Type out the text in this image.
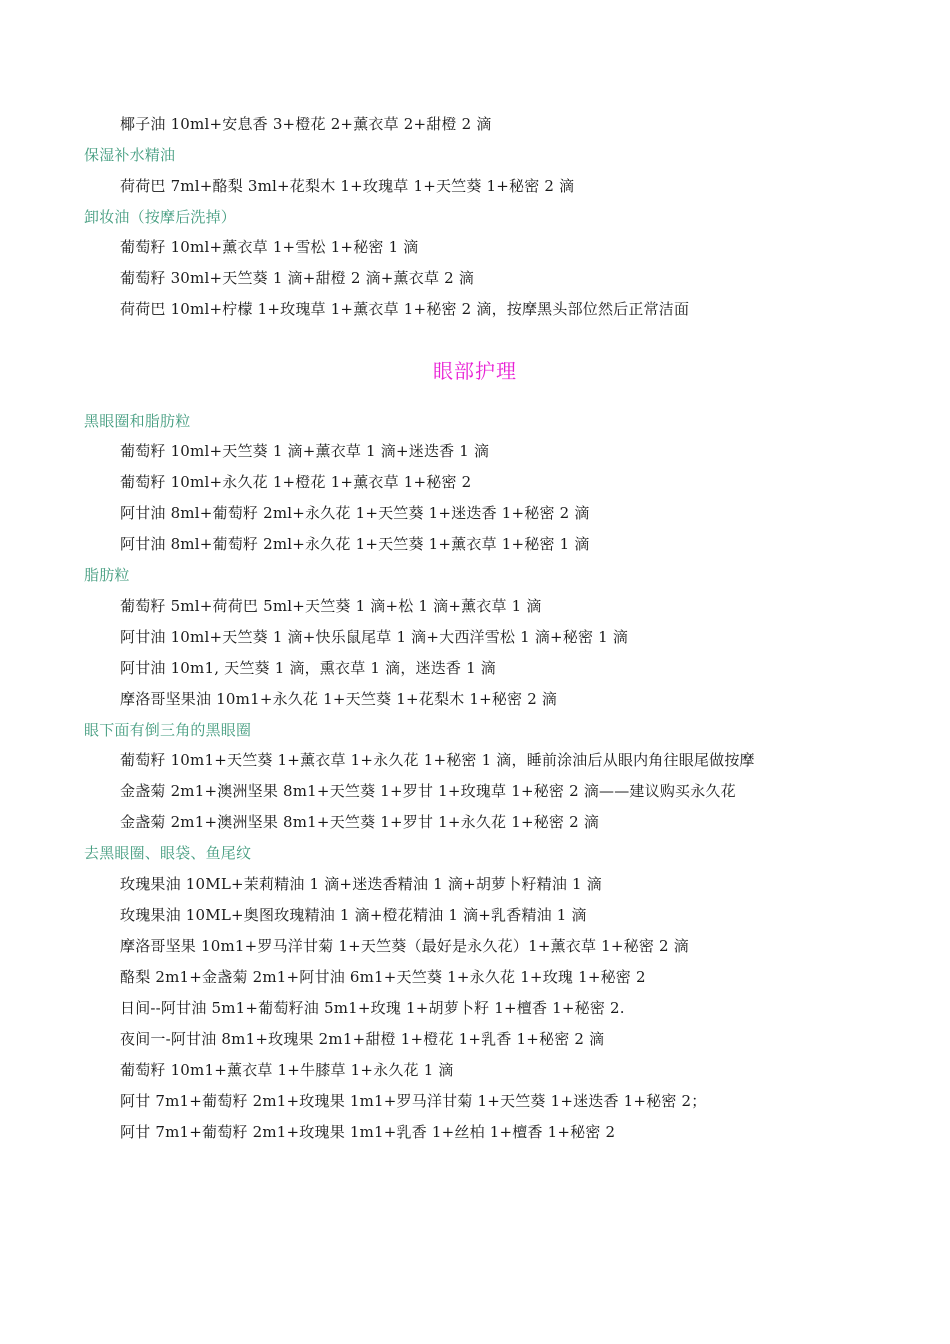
椰子油 10ml+安息香 3+橙花 2+薰衣草 2+甜橙 2 滴
保湿补水精油
荷荷巴 7ml+酪梨 3ml+花梨木 1+玫瑰草 1+天竺葵 1+秘密 2 滴
卸妆油（按摩后洗掉）
葡萄籽 10ml+薰衣草 1+雪松 1+秘密 1 滴
葡萄籽 30ml+天竺葵 1 滴+甜橙 2 滴+薰衣草 2 滴
荷荷巴 10ml+柠檬 1+玫瑰草 1+薰衣草 1+秘密 2 滴，按摩黑头部位然后正常洁面
眼部护理
黑眼圈和脂肪粒
葡萄籽 10ml+天竺葵 1 滴+薰衣草 1 滴+迷迭香 1 滴
葡萄籽 10ml+永久花 1+橙花 1+薰衣草 1+秘密 2
阿甘油 8ml+葡萄籽 2ml+永久花 1+天竺葵 1+迷迭香 1+秘密 2 滴
阿甘油 8ml+葡萄籽 2ml+永久花 1+天竺葵 1+薰衣草 1+秘密 1 滴
脂肪粒
葡萄籽 5ml+荷荷巴 5ml+天竺葵 1 滴+松 1 滴+薰衣草 1 滴
阿甘油 10ml+天竺葵 1 滴+快乐鼠尾草 1 滴+大西洋雪松 1 滴+秘密 1 滴
阿甘油 10m1, 天竺葵 1 滴，熏衣草 1 滴，迷迭香 1 滴
摩洛哥坚果油 10m1+永久花 1+天竺葵 1+花梨木 1+秘密 2 滴
眼下面有倒三角的黑眼圈
葡萄籽 10m1+天竺葵 1+薰衣草 1+永久花 1+秘密 1 滴，睡前涂油后从眼内角往眼尾做按摩
金盏菊 2m1+澳洲坚果 8m1+天竺葵 1+罗甘 1+玫瑰草 1+秘密 2 滴——建议购买永久花
金盏菊 2m1+澳洲坚果 8m1+天竺葵 1+罗甘 1+永久花 1+秘密 2 滴
去黑眼圈、眼袋、鱼尾纹
玫瑰果油 10ML+茉莉精油 1 滴+迷迭香精油 1 滴+胡萝卜籽精油 1 滴
玫瑰果油 10ML+奥图玫瑰精油 1 滴+橙花精油 1 滴+乳香精油 1 滴
摩洛哥坚果 10m1+罗马洋甘菊 1+天竺葵（最好是永久花）1+薰衣草 1+秘密 2 滴
酪梨 2m1+金盏菊 2m1+阿甘油 6m1+天竺葵 1+永久花 1+玫瑰 1+秘密 2
日间--阿甘油 5m1+葡萄籽油 5m1+玫瑰 1+胡萝卜籽 1+檀香 1+秘密 2.
夜间一-阿甘油 8m1+玫瑰果 2m1+甜橙 1+橙花 1+乳香 1+秘密 2 滴
葡萄籽 10m1+薰衣草 1+牛膝草 1+永久花 1 滴
阿甘 7m1+葡萄籽 2m1+玫瑰果 1m1+罗马洋甘菊 1+天竺葵 1+迷迭香 1+秘密 2；
阿甘 7m1+葡萄籽 2m1+玫瑰果 1m1+乳香 1+丝柏 1+檀香 1+秘密 2
